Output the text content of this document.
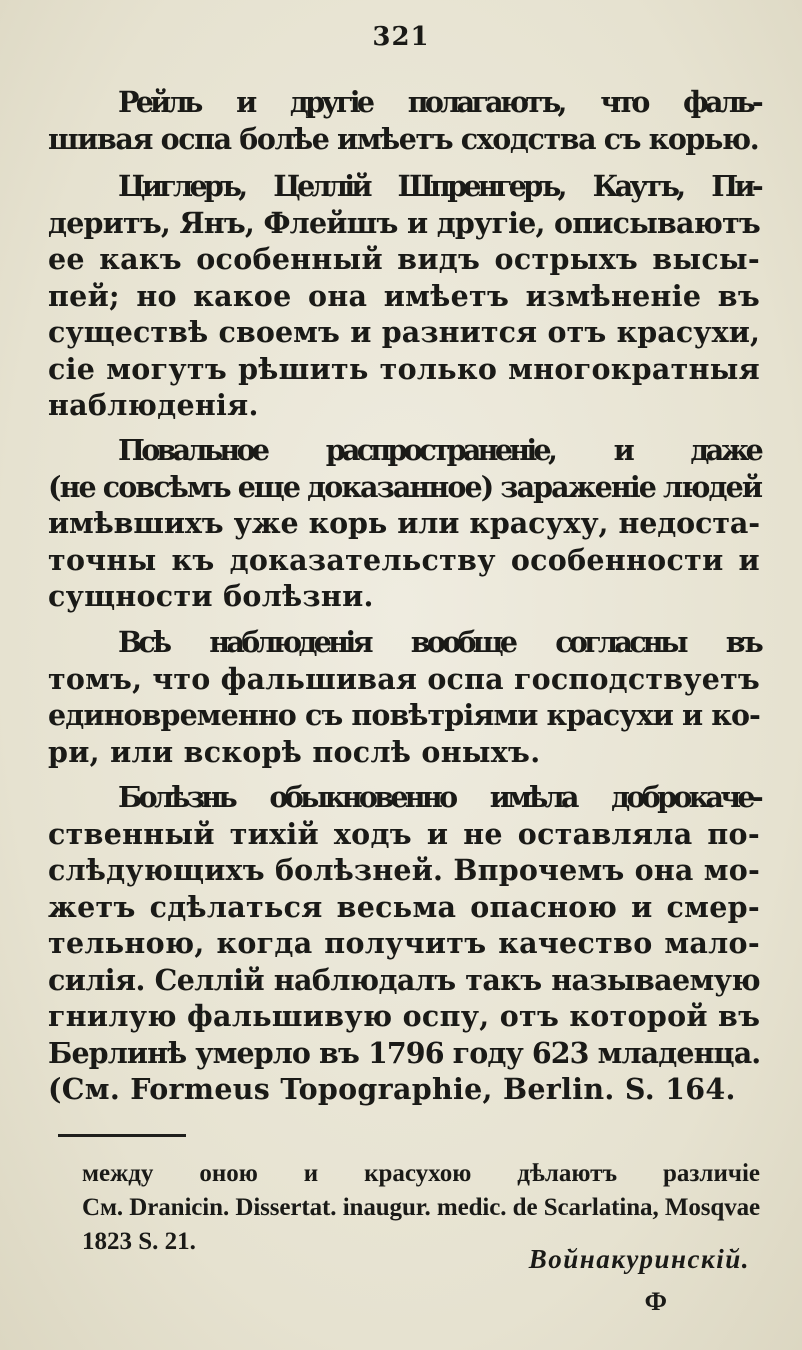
321
Рейль и другіе полагаютъ, что фаль-
шивая оспа болѣе имѣетъ сходства съ корью.
Циглеръ, Целлій Шпренгеръ, Каутъ, Пи-
деритъ, Янъ, Флейшъ и другіе, описываютъ
ее какъ особенный видъ острыхъ высы-
пей; но какое она имѣетъ измѣненіе въ
существѣ своемъ и разнится отъ красухи,
сіе могутъ рѣшить только многократныя
наблюденія.
Повальное распространеніе, и даже
(не совсѣмъ еще доказанное) зараженіе людей
имѣвшихъ уже корь или красуху, недоста-
точны къ доказательству особенности и
сущности болѣзни.
Всѣ наблюденія вообще согласны въ
томъ, что фальшивая оспа господствуетъ
единовременно съ повѣтріями красухи и ко-
ри, или вскорѣ послѣ оныхъ.
Болѣзнь обыкновенно имѣла доброкаче-
ственный тихій ходъ и не оставляла по-
слѣдующихъ болѣзней. Впрочемъ она мо-
жетъ сдѣлаться весьма опасною и смер-
тельною, когда получитъ качество мало-
силія. Селлій наблюдалъ такъ называемую
гнилую фальшивую оспу, отъ которой въ
Берлинѣ умерло въ 1796 году 623 младенца.
(См. Formeus Topographie, Berlin. S. 164.
между оною и красухою дѣлаютъ различіе
См. Dranicin. Dissertat. inaugur. medic. de Scarlatina, Mosqvae
1823 S. 21.
Войнакуринскій.
Ф
